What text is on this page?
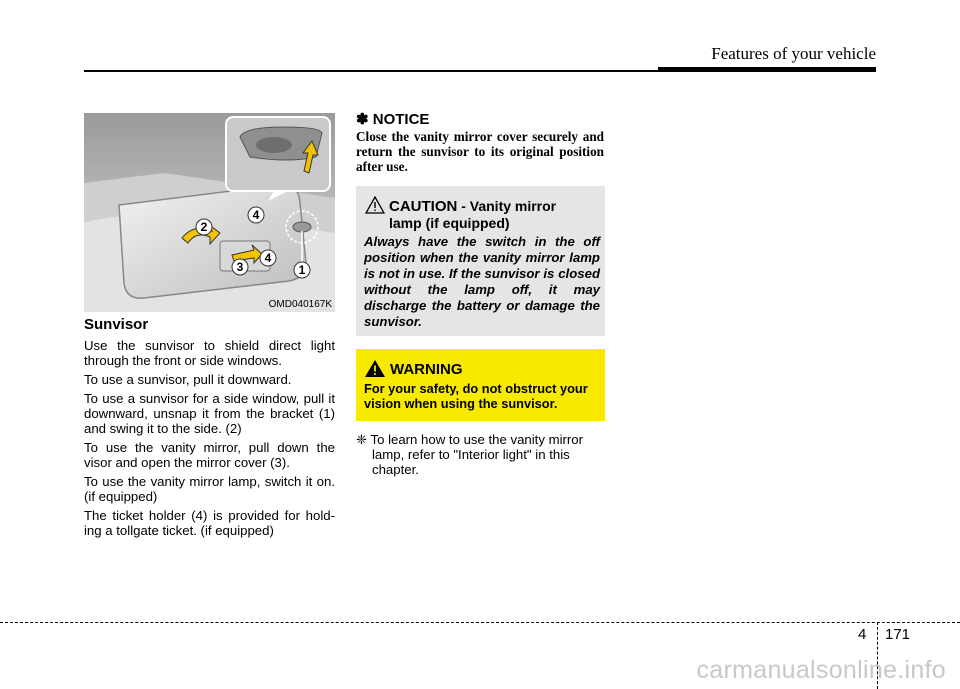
Features of your vehicle
1
2
3
4
4
OMD040167K
Sunvisor

Use the sunvisor to shield direct light through the front or side windows.

To use a sunvisor, pull it downward.

To use a sunvisor for a side window, pull it downward, unsnap it from the bracket (1) and swing it to the side. (2)

To use the vanity mirror, pull down the visor and open the mirror cover (3).

To use the vanity mirror lamp, switch it on. (if equipped)

The ticket holder (4) is provided for hold-ing a tollgate ticket. (if equipped)

✽ NOTICE
Close the vanity mirror cover securely and return the sunvisor to its original position after use.
CAUTION - Vanity mirror
lamp (if equipped)
Always have the switch in the off position when the vanity mirror lamp is not in use. If the sunvisor is closed without the lamp off, it may discharge the battery or damage the sunvisor.
WARNING
For your safety, do not obstruct your vision when using the sunvisor.
❈ To learn how to use the vanity mirror lamp, refer to "Interior light" in this chapter.
4 171
carmanualsonline.info
